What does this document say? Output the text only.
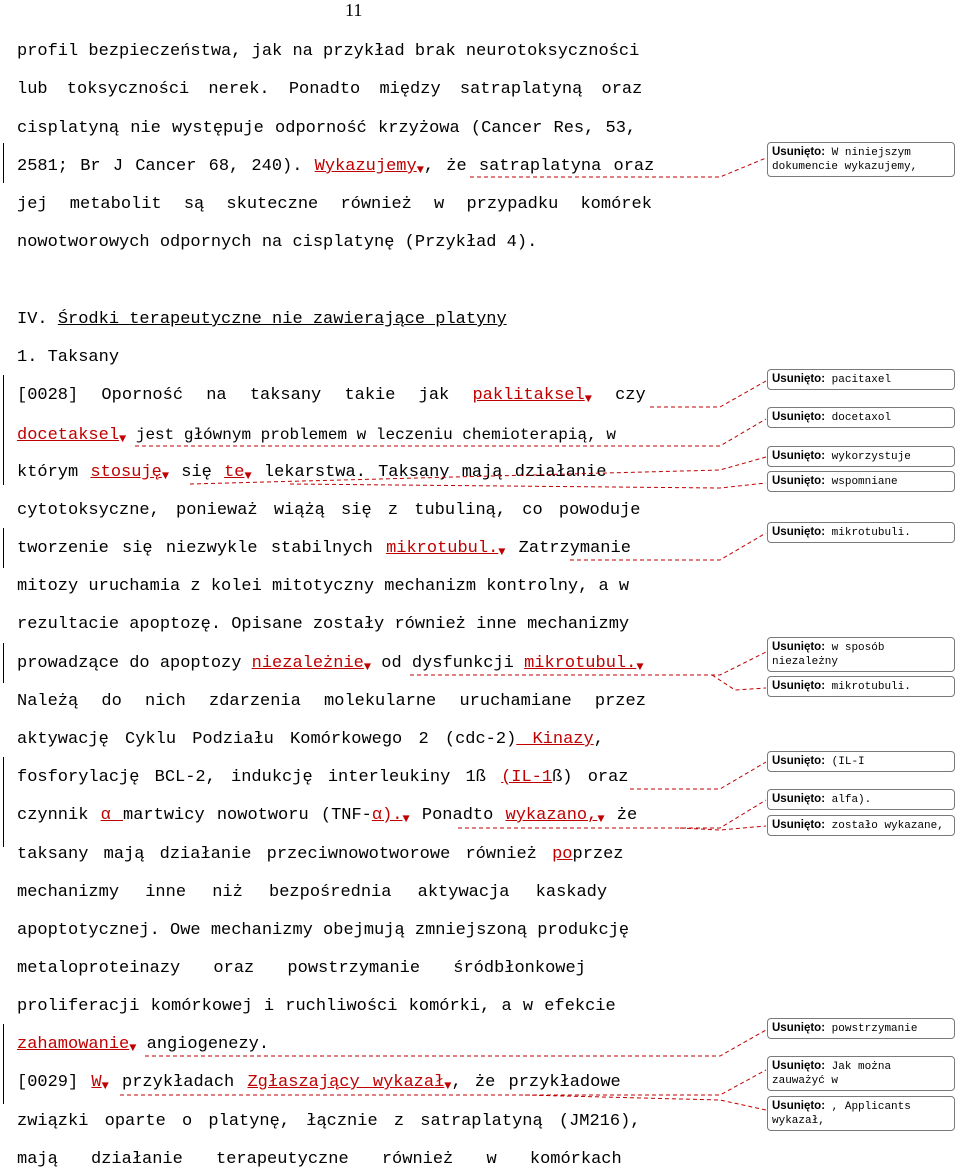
11
profil bezpieczeństwa, jak na przykład brak neurotoksyczności
lub toksyczności nerek. Ponadto między satraplatyną oraz
cisplatyną nie występuje odporność krzyżowa (Cancer Res, 53,
2581; Br J Cancer 68, 240). Wykazujemy▼, że satraplatyna oraz
jej metabolit są skuteczne również w przypadku komórek
nowotworowych odpornych na cisplatynę (Przykład 4).
IV. Środki terapeutyczne nie zawierające platyny
1. Taksany
[0028] Oporność na taksany takie jak paklitaksel▼ czy
docetaksel▼ jest głównym problemem w leczeniu chemioterapią, w
którym stosuję▼ się te▼ lekarstwa. Taksany mają działanie
cytotoksyczne, ponieważ wiążą się z tubuliną, co powoduje
tworzenie się niezwykle stabilnych mikrotubul.▼ Zatrzymanie
mitozy uruchamia z kolei mitotyczny mechanizm kontrolny, a w
rezultacie apoptozę. Opisane zostały również inne mechanizmy
prowadzące do apoptozy niezależnie▼ od dysfunkcji mikrotubul.▼
Należą do nich zdarzenia molekularne uruchamiane przez
aktywację Cyklu Podziału Komórkowego 2 (cdc-2) Kinazy,
fosforylację BCL-2, indukcję interleukiny 1ß (IL-1ß) oraz
czynnik α martwicy nowotworu (TNF-α).▼ Ponadto wykazano,▼ że
taksany mają działanie przeciwnowotworowe również poprzez
mechanizmy inne niż bezpośrednia aktywacja kaskady
apoptotycznej. Owe mechanizmy obejmują zmniejszoną produkcję
metaloproteinazy oraz powstrzymanie śródbłonkowej
proliferacji komórkowej i ruchliwości komórki, a w efekcie
zahamowanie▼ angiogenezy.
[0029] W▼ przykładach Zgłaszający wykazał▼, że przykładowe
związki oparte o platynę, łącznie z satraplatyną (JM216),
mają działanie terapeutyczne również w komórkach
Usunięto: W niniejszym dokumencie wykazujemy,
Usunięto: pacitaxel
Usunięto: docetaxol
Usunięto: wykorzystuje
Usunięto: wspomniane
Usunięto: mikrotubuli.
Usunięto: w sposób niezależny
Usunięto: mikrotubuli.
Usunięto: (IL-I
Usunięto: alfa).
Usunięto: zostało wykazane,
Usunięto: powstrzymanie
Usunięto: Jak można zauważyć w
Usunięto: , Applicants wykazał,
